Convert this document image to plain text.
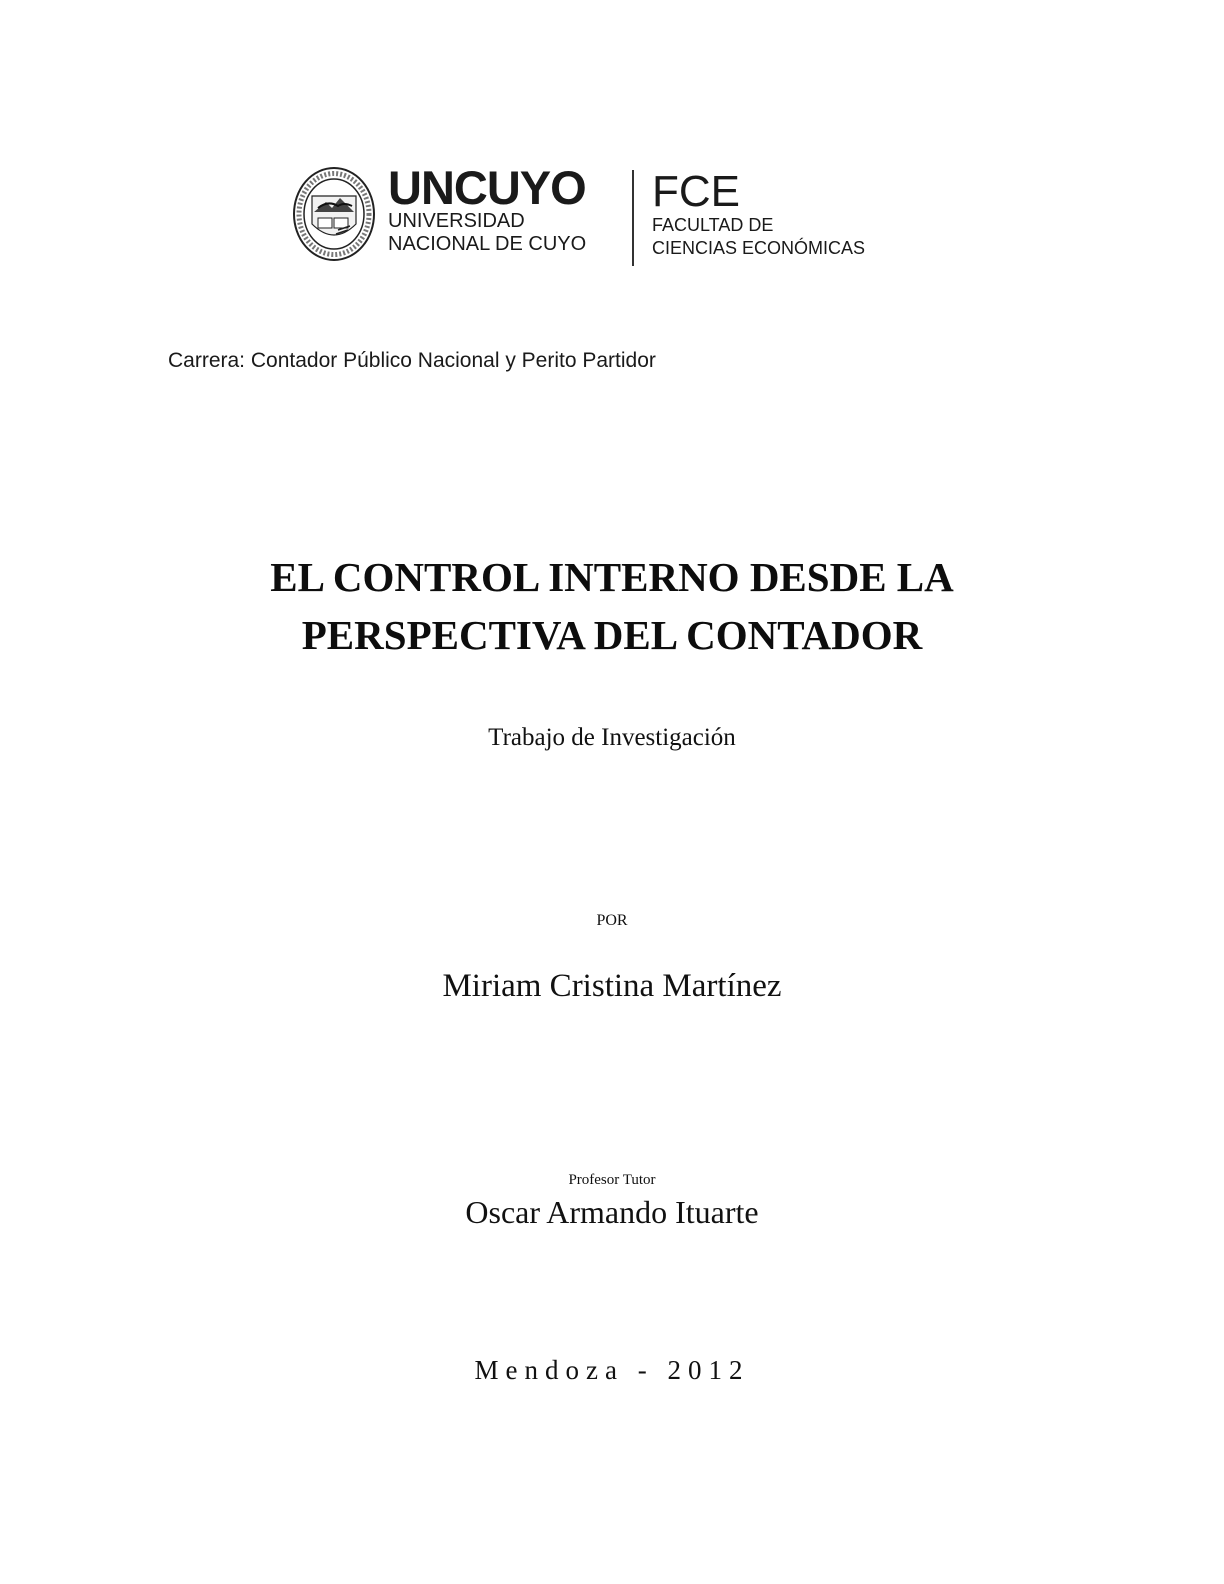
UNCUYO
UNIVERSIDAD
NACIONAL DE CUYO
FCE
FACULTAD DE
CIENCIAS ECONÓMICAS
Carrera: Contador Público Nacional y Perito Partidor
EL CONTROL INTERNO DESDE LA
PERSPECTIVA DEL CONTADOR
Trabajo de Investigación
POR
Miriam Cristina Martínez
Profesor Tutor
Oscar Armando Ituarte
Mendoza - 2012
